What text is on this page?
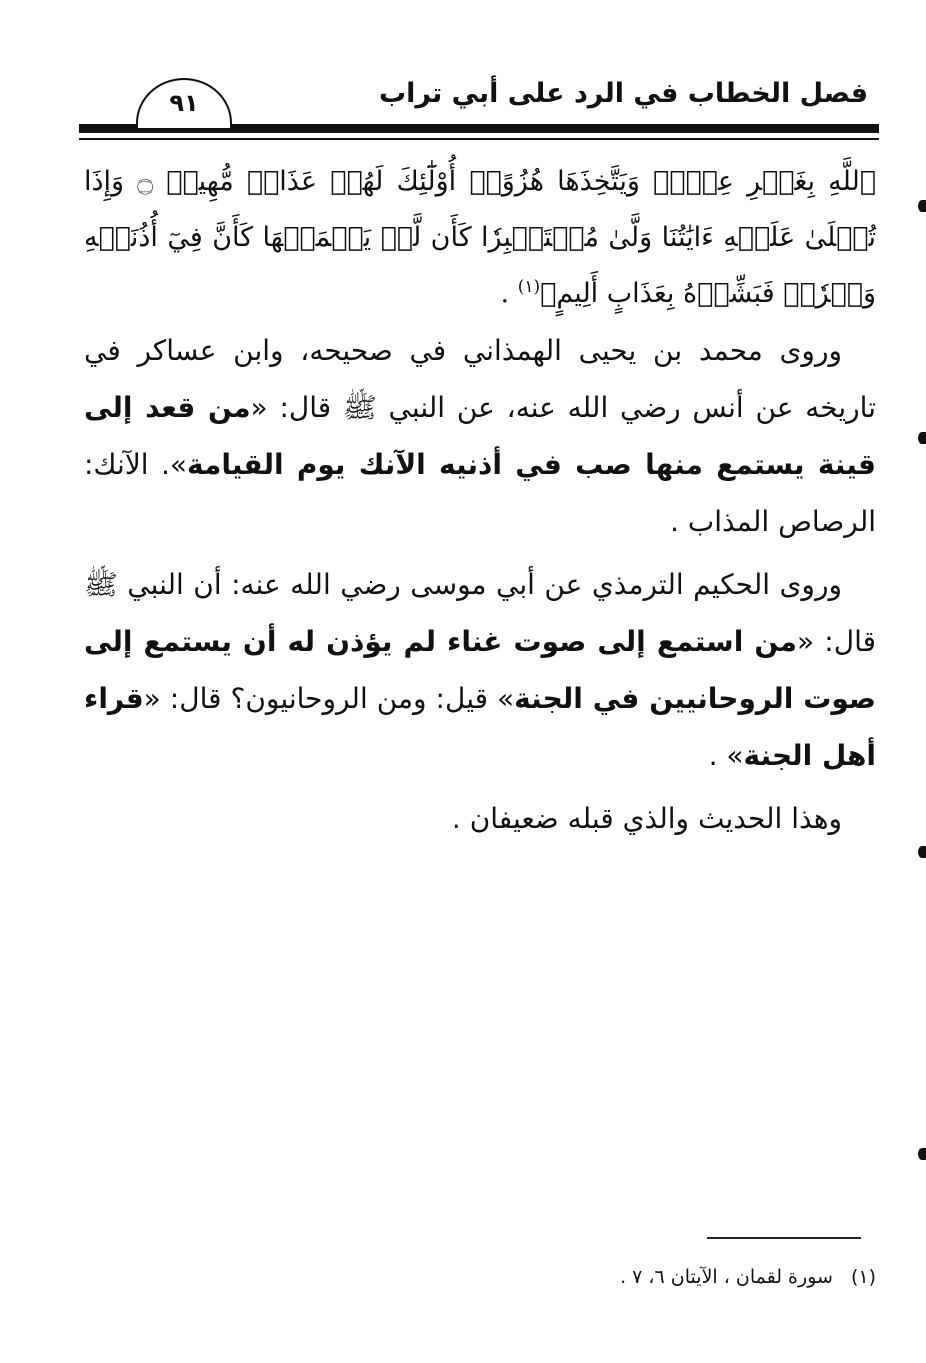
فصل الخطاب في الرد على أبي تراب
٩١

ٱللَّهِ بِغَيۡرِ عِلۡمٖ وَيَتَّخِذَهَا هُزُوًاۚ أُوْلَٰٓئِكَ لَهُمۡ عَذَابٞ مُّهِينٞ ۝ وَإِذَا تُتۡلَىٰ عَلَيۡهِ ءَايَٰتُنَا وَلَّىٰ مُسۡتَكۡبِرٗا كَأَن لَّمۡ يَسۡمَعۡهَا كَأَنَّ فِيٓ أُذُنَيۡهِ وَقۡرٗاۖ فَبَشِّرۡهُ بِعَذَابٍ أَلِيمٍ﴾$^{(١)}$ .

وروى محمد بن يحيى الهمذاني في صحيحه، وابن عساكر في تاريخه عن أنس رضي الله عنه، عن النبي ﷺ قال: «من قعد إلى قينة يستمع منها صب في أذنيه الآنك يوم القيامة». الآنك: الرصاص المذاب .

وروى الحكيم الترمذي عن أبي موسى رضي الله عنه: أن النبي ﷺ قال: «من استمع إلى صوت غناء لم يؤذن له أن يستمع إلى صوت الروحانيين في الجنة» قيل: ومن الروحانيون؟ قال: «قراء أهل الجنة» .

وهذا الحديث والذي قبله ضعيفان .

(١)سورة لقمان ، الآيتان ٦، ٧ .
